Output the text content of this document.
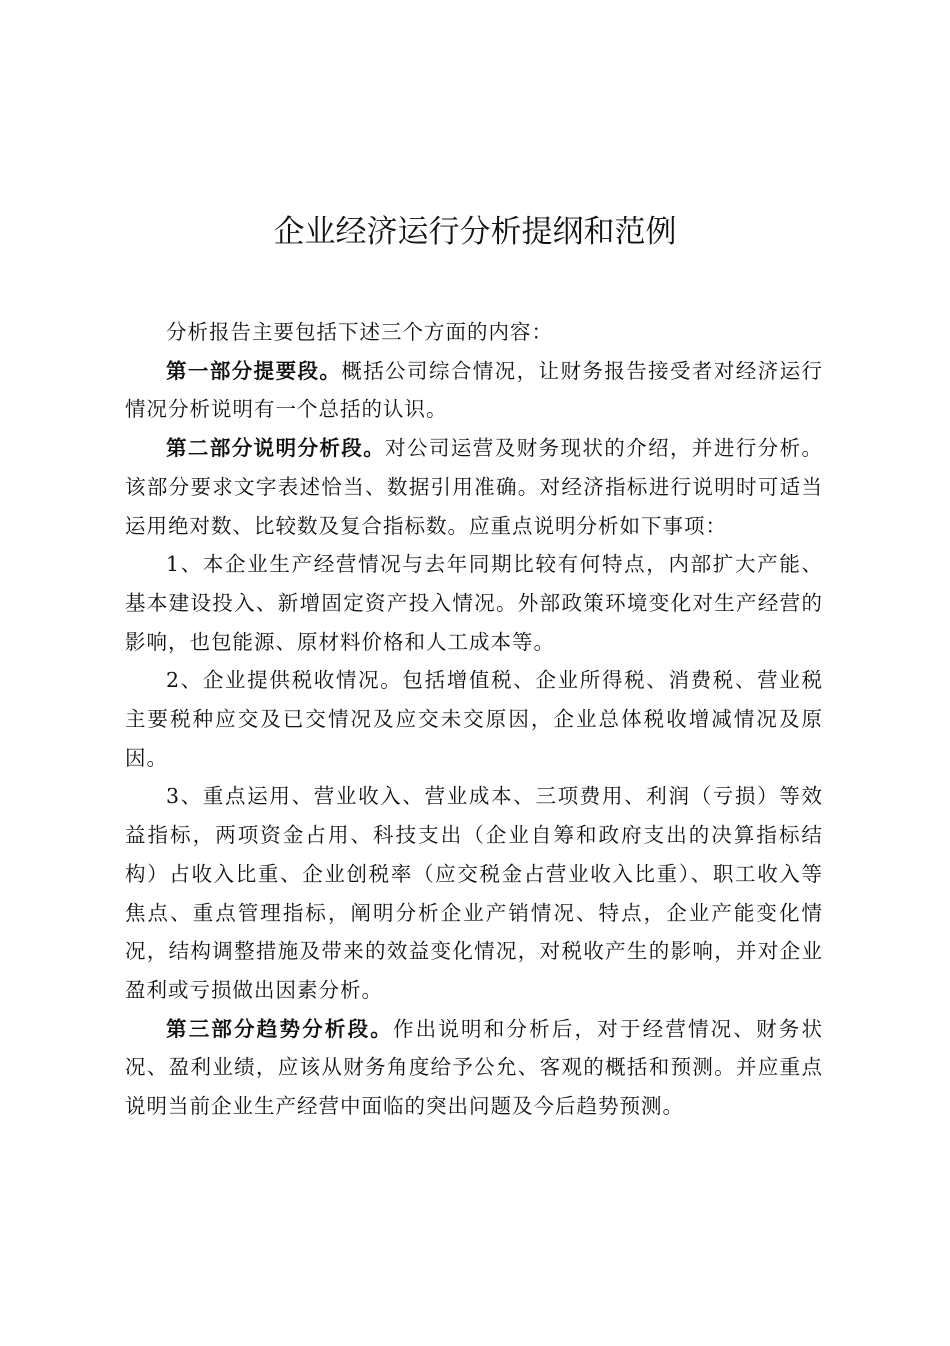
企业经济运行分析提纲和范例

分析报告主要包括下述三个方面的内容：

第一部分提要段。概括公司综合情况，让财务报告接受者对经济运行情况分析说明有一个总括的认识。

第二部分说明分析段。对公司运营及财务现状的介绍，并进行分析。该部分要求文字表述恰当、数据引用准确。对经济指标进行说明时可适当运用绝对数、比较数及复合指标数。应重点说明分析如下事项：

1、本企业生产经营情况与去年同期比较有何特点，内部扩大产能、基本建设投入、新增固定资产投入情况。外部政策环境变化对生产经营的影响，也包能源、原材料价格和人工成本等。

2、企业提供税收情况。包括增值税、企业所得税、消费税、营业税主要税种应交及已交情况及应交未交原因，企业总体税收增减情况及原因。

3、重点运用、营业收入、营业成本、三项费用、利润（亏损）等效益指标，两项资金占用、科技支出（企业自筹和政府支出的决算指标结构）占收入比重、企业创税率（应交税金占营业收入比重）、职工收入等焦点、重点管理指标，阐明分析企业产销情况、特点，企业产能变化情况，结构调整措施及带来的效益变化情况，对税收产生的影响，并对企业盈利或亏损做出因素分析。

第三部分趋势分析段。作出说明和分析后，对于经营情况、财务状况、盈利业绩，应该从财务角度给予公允、客观的概括和预测。并应重点说明当前企业生产经营中面临的突出问题及今后趋势预测。
